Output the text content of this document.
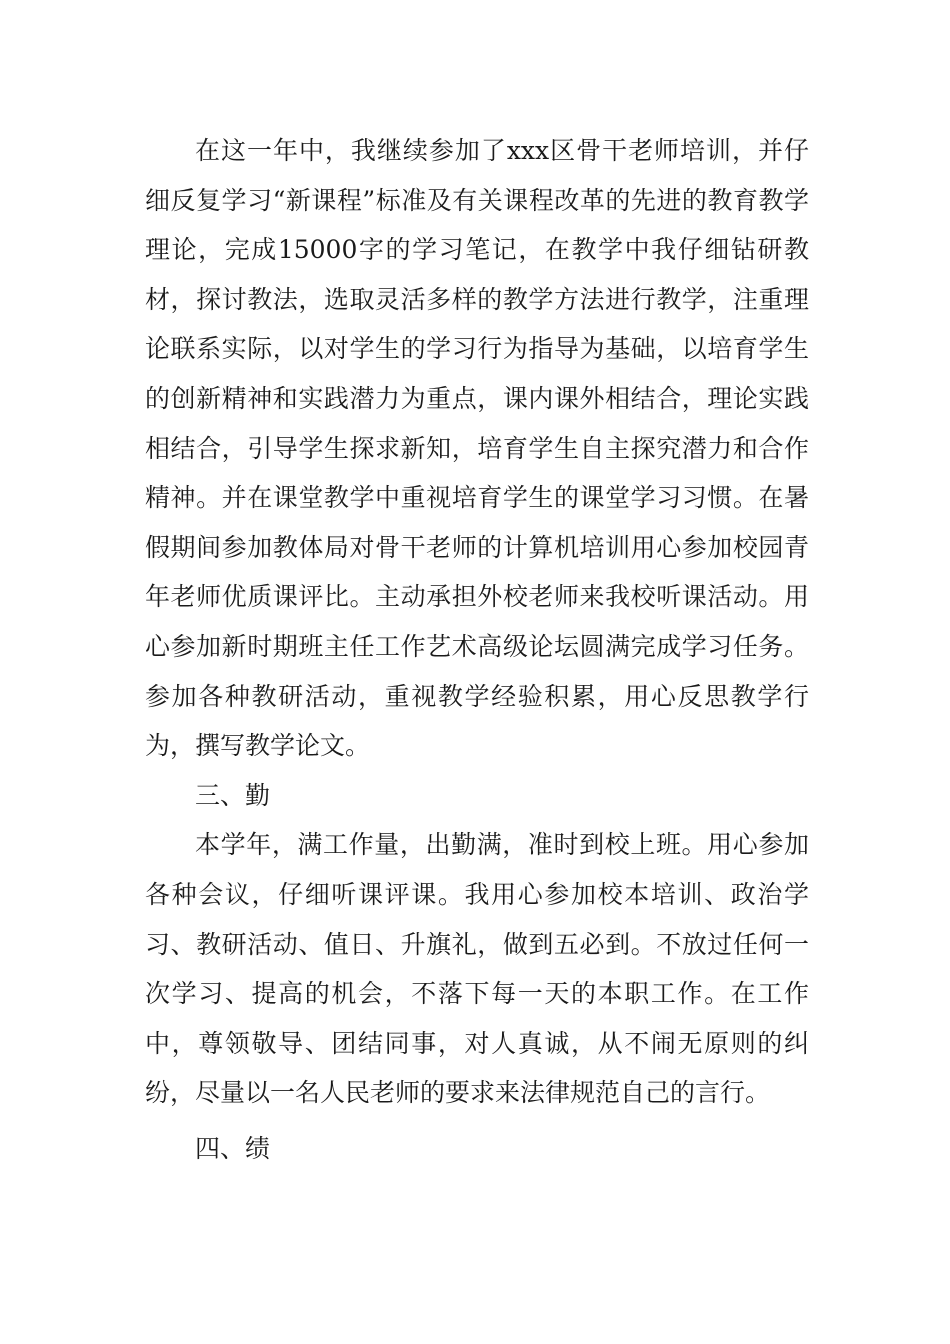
在这一年中，我继续参加了xxx区骨干老师培训，并仔细反复学习“新课程”标准及有关课程改革的先进的教育教学理论，完成15000字的学习笔记，在教学中我仔细钻研教材，探讨教法，选取灵活多样的教学方法进行教学，注重理论联系实际，以对学生的学习行为指导为基础，以培育学生的创新精神和实践潜力为重点，课内课外相结合，理论实践相结合，引导学生探求新知，培育学生自主探究潜力和合作精神。并在课堂教学中重视培育学生的课堂学习习惯。在暑假期间参加教体局对骨干老师的计算机培训用心参加校园青年老师优质课评比。主动承担外校老师来我校听课活动。用心参加新时期班主任工作艺术高级论坛圆满完成学习任务。参加各种教研活动，重视教学经验积累，用心反思教学行为，撰写教学论文。

三、勤

本学年，满工作量，出勤满，准时到校上班。用心参加各种会议，仔细听课评课。我用心参加校本培训、政治学习、教研活动、值日、升旗礼，做到五必到。不放过任何一次学习、提高的机会，不落下每一天的本职工作。在工作中，尊领敬导、团结同事，对人真诚，从不闹无原则的纠纷，尽量以一名人民老师的要求来法律规范自己的言行。

四、绩
